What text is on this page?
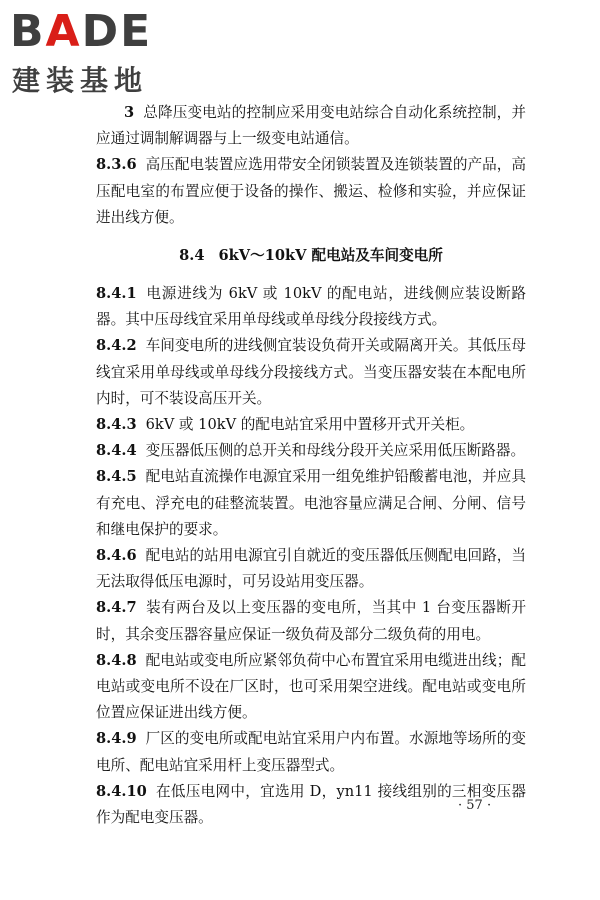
BADE
建装基地

3 总降压变电站的控制应采用变电站综合自动化系统控制，并应通过调制解调器与上一级变电站通信。

8.3.6 高压配电装置应选用带安全闭锁装置及连锁装置的产品，高压配电室的布置应便于设备的操作、搬运、检修和实验，并应保证进出线方便。

8.4 6kV～10kV 配电站及车间变电所

8.4.1 电源进线为 6kV 或 10kV 的配电站，进线侧应装设断路器。其中压母线宜采用单母线或单母线分段接线方式。

8.4.2 车间变电所的进线侧宜装设负荷开关或隔离开关。其低压母线宜采用单母线或单母线分段接线方式。当变压器安装在本配电所内时，可不装设高压开关。

8.4.3 6kV 或 10kV 的配电站宜采用中置移开式开关柜。

8.4.4 变压器低压侧的总开关和母线分段开关应采用低压断路器。

8.4.5 配电站直流操作电源宜采用一组免维护铅酸蓄电池，并应具有充电、浮充电的硅整流装置。电池容量应满足合闸、分闸、信号和继电保护的要求。

8.4.6 配电站的站用电源宜引自就近的变压器低压侧配电回路，当无法取得低压电源时，可另设站用变压器。

8.4.7 装有两台及以上变压器的变电所，当其中 1 台变压器断开时，其余变压器容量应保证一级负荷及部分二级负荷的用电。

8.4.8 配电站或变电所应紧邻负荷中心布置宜采用电缆进出线；配电站或变电所不设在厂区时，也可采用架空进线。配电站或变电所位置应保证进出线方便。

8.4.9 厂区的变电所或配电站宜采用户内布置。水源地等场所的变电所、配电站宜采用杆上变压器型式。

8.4.10 在低压电网中，宜选用 D，yn11 接线组别的三相变压器作为配电变压器。

· 57 ·
